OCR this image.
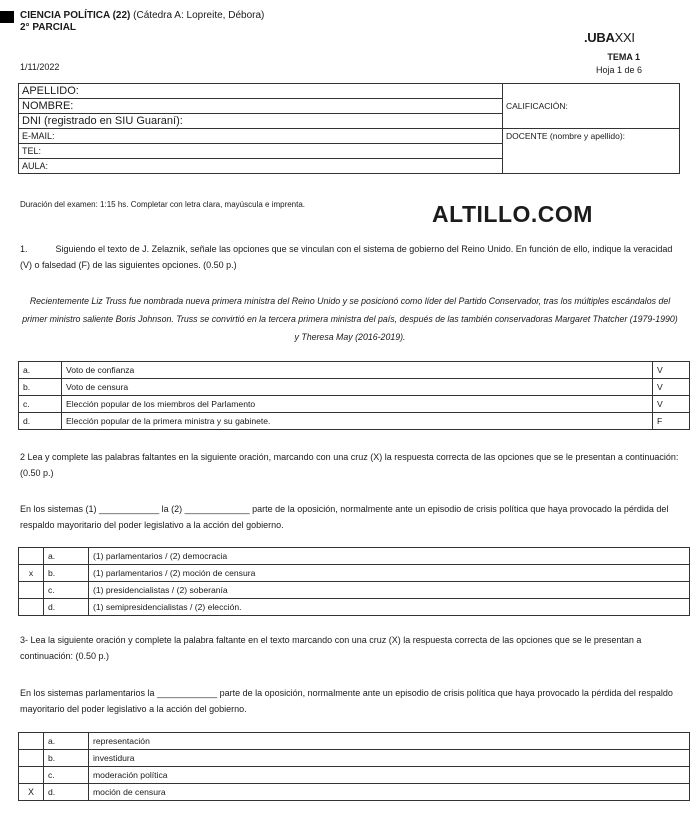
CIENCIA POLÍTICA (22) (Cátedra A: Lopreite, Débora)
2° PARCIAL
1/11/2022
.UBAXXI
TEMA 1
Hoja 1 de 6
APELLIDO:	CALIFICACIÓN:
NOMBRE:	
DNI (registrado en SIU Guaraní):	
E-MAIL:	DOCENTE (nombre y apellido):
TEL:	
AULA:	
Duración del examen: 1:15 hs. Completar con letra clara, mayúscula e imprenta.	ALTILLO.COM
1.	Siguiendo el texto de J. Zelaznik, señale las opciones que se vinculan con el sistema de gobierno del Reino Unido. En función de ello, indique la veracidad (V) o falsedad (F) de las siguientes opciones. (0.50 p.)
Recientemente Liz Truss fue nombrada nueva primera ministra del Reino Unido y se posicionó como líder del Partido Conservador, tras los múltiples escándalos del primer ministro saliente Boris Johnson. Truss se convirtió en la tercera primera ministra del país, después de las también conservadoras Margaret Thatcher (1979-1990) y Theresa May (2016-2019).
a.	Voto de confianza	V
b.	Voto de censura	V
c.	Elección popular de los miembros del Parlamento	V
d.	Elección popular de la primera ministra y su gabinete.	F
2 Lea y complete las palabras faltantes en la siguiente oración, marcando con una cruz (X) la respuesta correcta de las opciones que se le presentan a continuación: (0.50 p.)
En los sistemas (1) ____________ la (2) _____________ parte de la oposición, normalmente ante un episodio de crisis política que haya provocado la pérdida del respaldo mayoritario del poder legislativo a la acción del gobierno.
	a.	(1) parlamentarios / (2) democracia
x	b.	(1) parlamentarios / (2) moción de censura
	c.	(1) presidencialistas / (2) soberanía
	d.	(1) semipresidencialistas / (2) elección.
3- Lea la siguiente oración y complete la palabra faltante en el texto marcando con una cruz (X) la respuesta correcta de las opciones que se le presentan a continuación: (0.50 p.)
En los sistemas parlamentarios la ____________ parte de la oposición, normalmente ante un episodio de crisis política que haya provocado la pérdida del respaldo mayoritario del poder legislativo a la acción del gobierno.
	a.	representación
	b.	investidura
	c.	moderación política
X	d.	moción de censura
